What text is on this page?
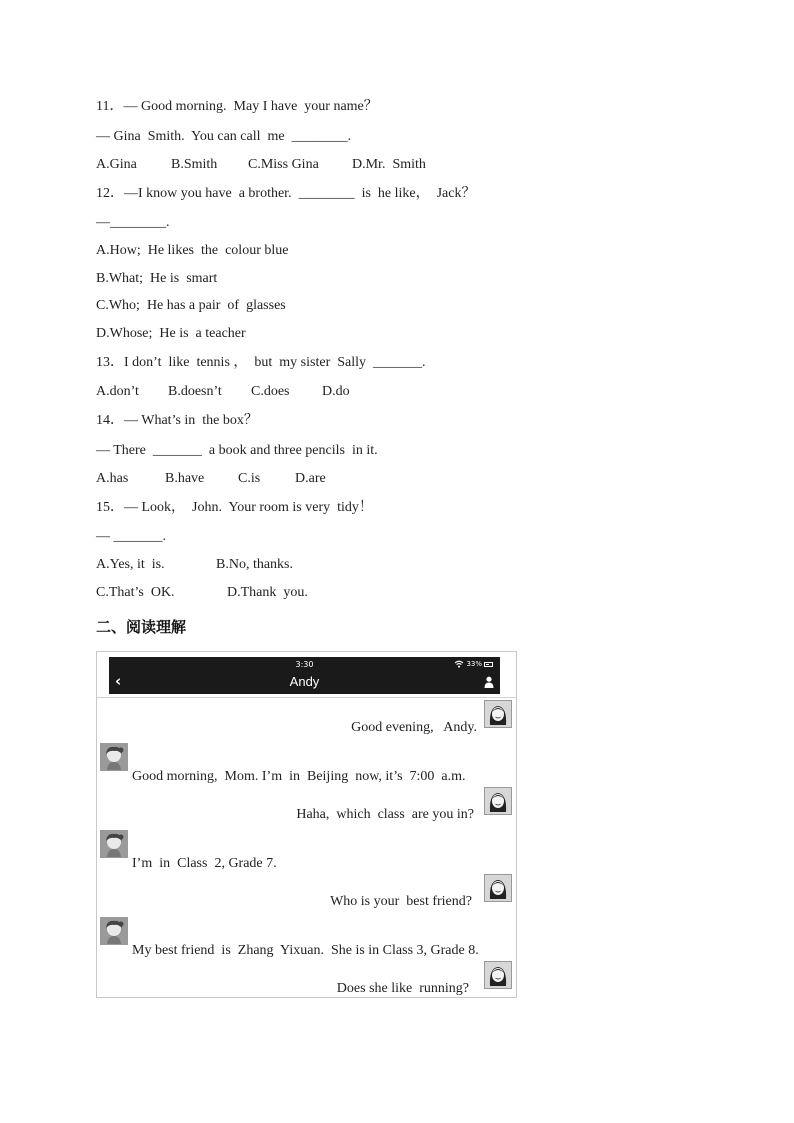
11．— Good morning.  May I have  your name？
— Gina  Smith.  You can call  me  ________.
A.Gina B.Smith C.Miss Gina D.Mr.  Smith
12．—I know you have  a brother.  ________  is  he like，  Jack？
—________.
A.How;  He likes  the  colour blue
B.What;  He is  smart
C.Who;  He has a pair  of  glasses
D.Whose;  He is  a teacher
13．I don’t  like  tennis ，  but  my sister  Sally  _______.
A.don’t B.doesn’t C.does D.do
14．— What’s in  the box？
— There  _______  a book and three pencils  in it.
A.has	B.have C.is D.are
15．— Look，  John.  Your room is very  tidy！
— _______.
A.Yes, it  is.	B.No, thanks.
C.That’s  OK.	D.Thank  you.
二、阅读理解
3:30	33%
‹	Andy
Good evening,   Andy.
Good morning,  Mom. I’m  in  Beijing  now, it’s  7:00  a.m.
Haha,  which  class  are you in?
I’m  in  Class  2, Grade 7.
Who is your  best friend?
My best friend  is  Zhang  Yixuan.  She is in Class 3, Grade 8.
Does she like  running?
